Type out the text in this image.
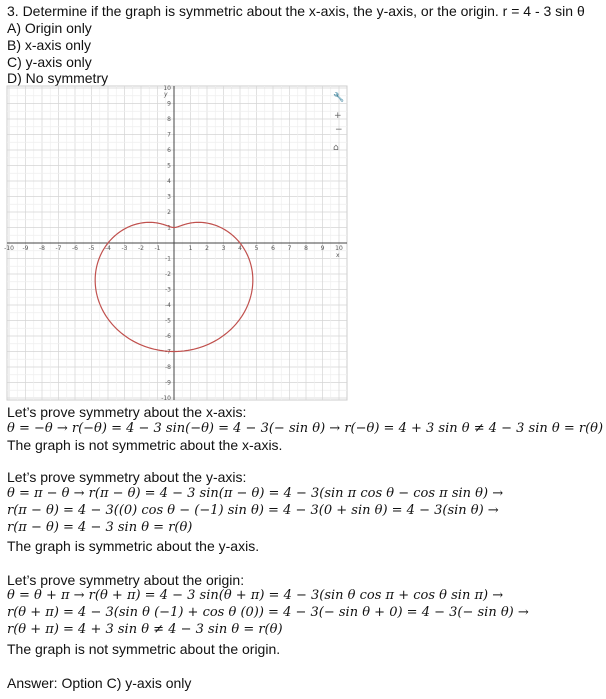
3. Determine if the graph is symmetric about the x-axis, the y-axis, or the origin. r = 4 - 3 sin θ
A) Origin only
B) x-axis only
C) y-axis only
D) No symmetry
-10 -9 -8 -7 -6 -5 -4 -3 -2 -1	1 2 3 4 5 6 7 8 9 10
10
9
8
7
6
5
4
3
2
1
-1
-2
-3
-4
-5
-6
-7
-8
-9
-10
x
y	🔧
+
−
⌂
Let’s prove symmetry about the x-axis:
θ = −θ → r(−θ) = 4 − 3 sin(−θ) = 4 − 3(− sin θ) → r(−θ) = 4 + 3 sin θ ≠ 4 − 3 sin θ = r(θ)
The graph is not symmetric about the x-axis.
Let’s prove symmetry about the y-axis:
θ = π − θ → r(π − θ) = 4 − 3 sin(π − θ) = 4 − 3(sin π cos θ − cos π sin θ) →
r(π − θ) = 4 − 3((0) cos θ − (−1) sin θ) = 4 − 3(0 + sin θ) = 4 − 3(sin θ) →
r(π − θ) = 4 − 3 sin θ = r(θ)
The graph is symmetric about the y-axis.
Let’s prove symmetry about the origin:
θ = θ + π → r(θ + π) = 4 − 3 sin(θ + π) = 4 − 3(sin θ cos π + cos θ sin π) →
r(θ + π) = 4 − 3(sin θ (−1) + cos θ (0)) = 4 − 3(− sin θ + 0) = 4 − 3(− sin θ) →
r(θ + π) = 4 + 3 sin θ ≠ 4 − 3 sin θ = r(θ)
The graph is not symmetric about the origin.
Answer: Option C) y-axis only
